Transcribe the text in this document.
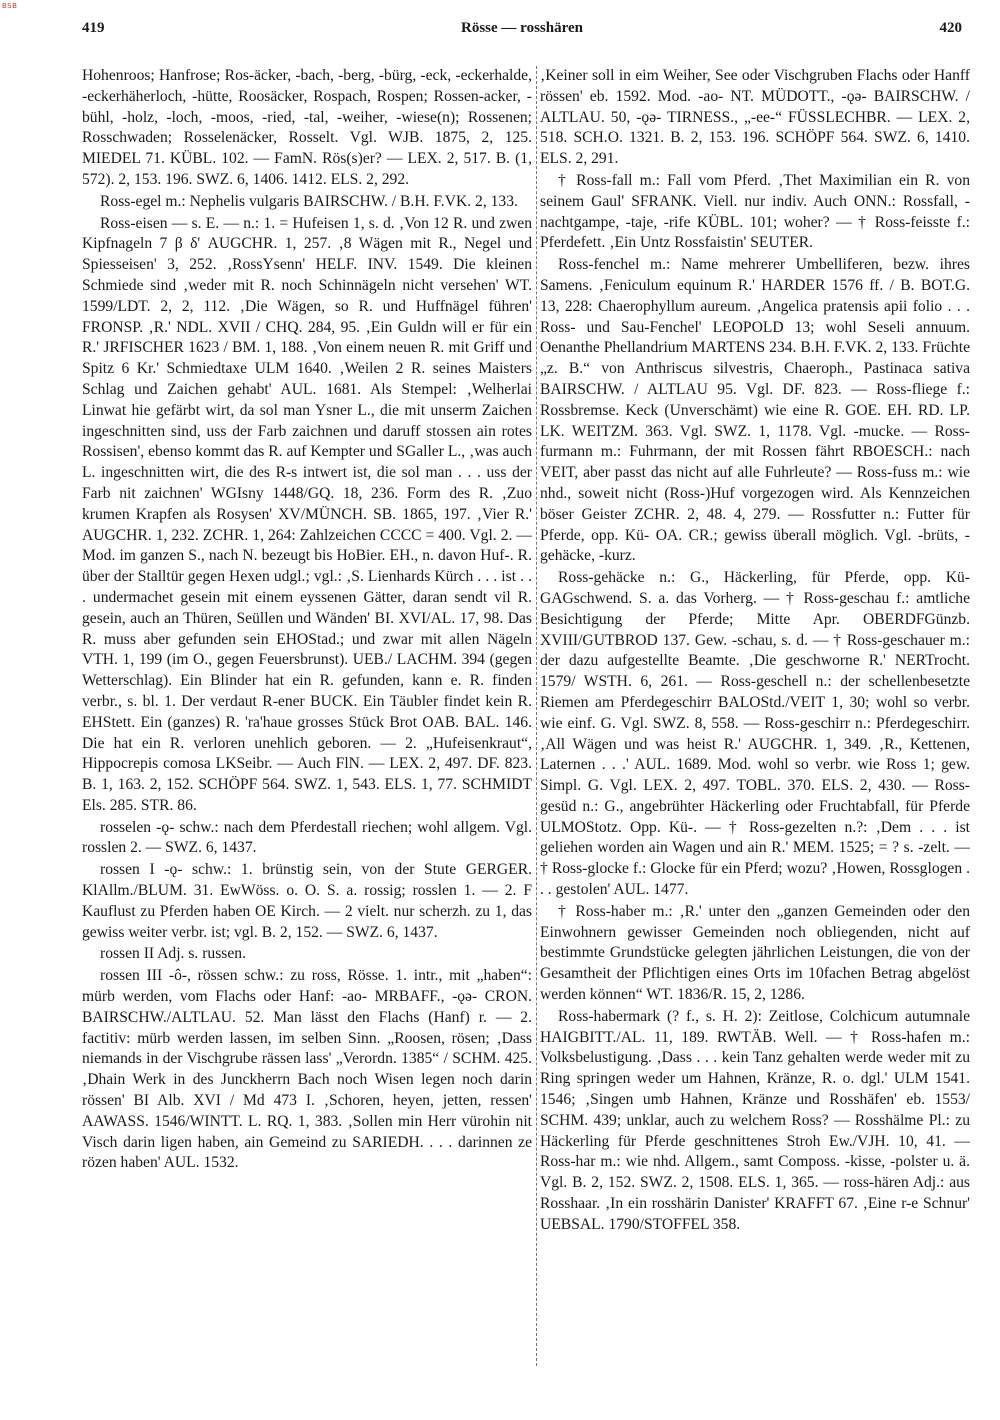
BSB
419	Rösse — rosshären	420

Hohenroos; Hanfrose; Ros-äcker, -bach, -berg, -bürg, -eck, -eckerhalde, -eckerhäherloch, -hütte, Roosäcker, Rospach, Rospen; Rossen-acker, -bühl, -holz, -loch, -moos, -ried, -tal, -weiher, -wiese(n); Rossenen; Rosschwaden; Rosselenäcker, Rosselt. Vgl. WJB. 1875, 2, 125. MIEDEL 71. KÜBL. 102. — FamN. Rös(s)er? — LEX. 2, 517. B. (1, 572). 2, 153. 196. SWZ. 6, 1406. 1412. ELS. 2, 292.

Ross-egel m.: Nephelis vulgaris BAIRSCHW. / B.H. F.VK. 2, 133.

Ross-eisen — s. E. — n.: 1. = Hufeisen 1, s. d. ‚Von 12 R. und zwen Kipfnageln 7 β δ' AUGCHR. 1, 257. ‚8 Wägen mit R., Negel und Spiesseisen' 3, 252. ‚RossYsenn' HELF. INV. 1549. Die kleinen Schmiede sind ‚weder mit R. noch Schinnägeln nicht versehen' WT. 1599/LDT. 2, 2, 112. ‚Die Wägen, so R. und Huffnägel führen' FRONSP. ‚R.' NDL. XVII / CHQ. 284, 95. ‚Ein Guldn will er für ein R.' JRFISCHER 1623 / BM. 1, 188. ‚Von einem neuen R. mit Griff und Spitz 6 Kr.' Schmiedtaxe ULM 1640. ‚Weilen 2 R. seines Maisters Schlag und Zaichen gehabt' AUL. 1681. Als Stempel: ‚Welherlai Linwat hie gefärbt wirt, da sol man Ysner L., die mit unserm Zaichen ingeschnitten sind, uss der Farb zaichnen und daruff stossen ain rotes Rossisen', ebenso kommt das R. auf Kempter und SGaller L., ‚was auch L. ingeschnitten wirt, die des R-s intwert ist, die sol man . . . uss der Farb nit zaichnen' WGIsny 1448/GQ. 18, 236. Form des R. ‚Zuo krumen Krapfen als Rosysen' XV/MÜNCH. SB. 1865, 197. ‚Vier R.' AUGCHR. 1, 232. ZCHR. 1, 264: Zahlzeichen CCCC = 400. Vgl. 2. — Mod. im ganzen S., nach N. bezeugt bis HoBier. EH., n. davon Huf-. R. über der Stalltür gegen Hexen udgl.; vgl.: ‚S. Lienhards Kürch . . . ist . . . undermachet gesein mit einem eyssenen Gätter, daran sendt vil R. gesein, auch an Thüren, Seüllen und Wänden' BI. XVI/AL. 17, 98. Das R. muss aber gefunden sein EHOStad.; und zwar mit allen Nägeln VTH. 1, 199 (im O., gegen Feuersbrunst). UEB./ LACHM. 394 (gegen Wetterschlag). Ein Blinder hat ein R. gefunden, kann e. R. finden verbr., s. bl. 1. Der verdaut R-ener BUCK. Ein Täubler findet kein R. EHStett. Ein (ganzes) R. 'ra'haue grosses Stück Brot OAB. BAL. 146. Die hat ein R. verloren unehlich geboren. — 2. „Hufeisenkraut“, Hippocrepis comosa LKSeibr. — Auch FlN. — LEX. 2, 497. DF. 823. B. 1, 163. 2, 152. SCHÖPF 564. SWZ. 1, 543. ELS. 1, 77. SCHMIDT Els. 285. STR. 86.

rosselen -ǫ- schw.: nach dem Pferdestall riechen; wohl allgem. Vgl. rosslen 2. — SWZ. 6, 1437.

rossen I -ǫ- schw.: 1. brünstig sein, von der Stute GERGER. KlAllm./BLUM. 31. EwWöss. o. O. S. a. rossig; rosslen 1. — 2. F Kauflust zu Pferden haben OE Kirch. — 2 vielt. nur scherzh. zu 1, das gewiss weiter verbr. ist; vgl. B. 2, 152. — SWZ. 6, 1437.

rossen II Adj. s. russen.

rossen III -ô-, rössen schw.: zu ross, Rösse. 1. intr., mit „haben“: mürb werden, vom Flachs oder Hanf: -ao- MRBAFF., -ǫə- CRON. BAIRSCHW./ALTLAU. 52. Man lässt den Flachs (Hanf) r. — 2. factitiv: mürb werden lassen, im selben Sinn. „Roosen, rösen; ‚Dass niemands in der Vischgrube rässen lass' „Verordn. 1385“ / SCHM. 425. ‚Dhain Werk in des Junckherrn Bach noch Wisen legen noch darin rössen' BI Alb. XVI / Md 473 I. ‚Schoren, heyen, jetten, ressen' AAWASS. 1546/WINTT. L. RQ. 1, 383. ‚Sollen min Herr vürohin nit Visch darin ligen haben, ain Gemeind zu SARIEDH. . . . darinnen ze rözen haben' AUL. 1532.

‚Keiner soll in eim Weiher, See oder Vischgruben Flachs oder Hanff rössen' eb. 1592. Mod. -ao- NT. MÜDOTT., -ǫə- BAIRSCHW. / ALTLAU. 50, -ǫə- TIRNESS., „-ee-“ FÜSSLECHBR. — LEX. 2, 518. SCH.O. 1321. B. 2, 153. 196. SCHÖPF 564. SWZ. 6, 1410. ELS. 2, 291.

† Ross-fall m.: Fall vom Pferd. ‚Thet Maximilian ein R. von seinem Gaul' SFRANK. Viell. nur indiv. Auch ONN.: Rossfall, -nachtgampe, -taje, -rife KÜBL. 101; woher? — † Ross-feisste f.: Pferdefett. ‚Ein Untz Rossfaistin' SEUTER.

Ross-fenchel m.: Name mehrerer Umbelliferen, bezw. ihres Samens. ‚Feniculum equinum R.' HARDER 1576 ff. / B. BOT.G. 13, 228: Chaerophyllum aureum. ‚Angelica pratensis apii folio . . . Ross- und Sau-Fenchel' LEOPOLD 13; wohl Seseli annuum. Oenanthe Phellandrium MARTENS 234. B.H. F.VK. 2, 133. Früchte „z. B.“ von Anthriscus silvestris, Chaeroph., Pastinaca sativa BAIRSCHW. / ALTLAU 95. Vgl. DF. 823. — Ross-fliege f.: Rossbremse. Keck (Unverschämt) wie eine R. GOE. EH. RD. LP. LK. WEITZM. 363. Vgl. SWZ. 1, 1178. Vgl. -mucke. — Ross-furmann m.: Fuhrmann, der mit Rossen fährt RBOESCH.: nach VEIT, aber passt das nicht auf alle Fuhrleute? — Ross-fuss m.: wie nhd., soweit nicht (Ross-)Huf vorgezogen wird. Als Kennzeichen böser Geister ZCHR. 2, 48. 4, 279. — Rossfutter n.: Futter für Pferde, opp. Kü- OA. CR.; gewiss überall möglich. Vgl. -brüts, -gehäcke, -kurz.

Ross-gehäcke n.: G., Häckerling, für Pferde, opp. Kü- GAGschwend. S. a. das Vorherg. — † Ross-geschau f.: amtliche Besichtigung der Pferde; Mitte Apr. OBERDFGünzb. XVIII/GUTBROD 137. Gew. -schau, s. d. — † Ross-geschauer m.: der dazu aufgestellte Beamte. ‚Die geschworne R.' NERTrocht. 1579/ WSTH. 6, 261. — Ross-geschell n.: der schellenbesetzte Riemen am Pferdegeschirr BALOStd./VEIT 1, 30; wohl so verbr. wie einf. G. Vgl. SWZ. 8, 558. — Ross-geschirr n.: Pferdegeschirr. ‚All Wägen und was heist R.' AUGCHR. 1, 349. ‚R., Kettenen, Laternen . . .' AUL. 1689. Mod. wohl so verbr. wie Ross 1; gew. Simpl. G. Vgl. LEX. 2, 497. TOBL. 370. ELS. 2, 430. — Ross-gesüd n.: G., angebrühter Häckerling oder Fruchtabfall, für Pferde ULMOStotz. Opp. Kü-. — † Ross-gezelten n.?: ‚Dem . . . ist geliehen worden ain Wagen und ain R.' MEM. 1525; = ? s. -zelt. — † Ross-glocke f.: Glocke für ein Pferd; wozu? ‚Howen, Rossglogen . . . gestolen' AUL. 1477.

† Ross-haber m.: ‚R.' unter den „ganzen Gemeinden oder den Einwohnern gewisser Gemeinden noch obliegenden, nicht auf bestimmte Grundstücke gelegten jährlichen Leistungen, die von der Gesamtheit der Pflichtigen eines Orts im 10fachen Betrag abgelöst werden können“ WT. 1836/R. 15, 2, 1286.

Ross-habermark (? f., s. H. 2): Zeitlose, Colchicum autumnale HAIGBITT./AL. 11, 189. RWTÄB. Well. — † Ross-hafen m.: Volksbelustigung. ‚Dass . . . kein Tanz gehalten werde weder mit zu Ring springen weder um Hahnen, Kränze, R. o. dgl.' ULM 1541. 1546; ‚Singen umb Hahnen, Kränze und Rosshäfen' eb. 1553/ SCHM. 439; unklar, auch zu welchem Ross? — Rosshälme Pl.: zu Häckerling für Pferde geschnittenes Stroh Ew./VJH. 10, 41. — Ross-har m.: wie nhd. Allgem., samt Composs. -kisse, -polster u. ä. Vgl. B. 2, 152. SWZ. 2, 1508. ELS. 1, 365. — ross-hären Adj.: aus Rosshaar. ‚In ein rosshärin Danister' KRAFFT 67. ‚Eine r-e Schnur' UEBSAL. 1790/STOFFEL 358.
